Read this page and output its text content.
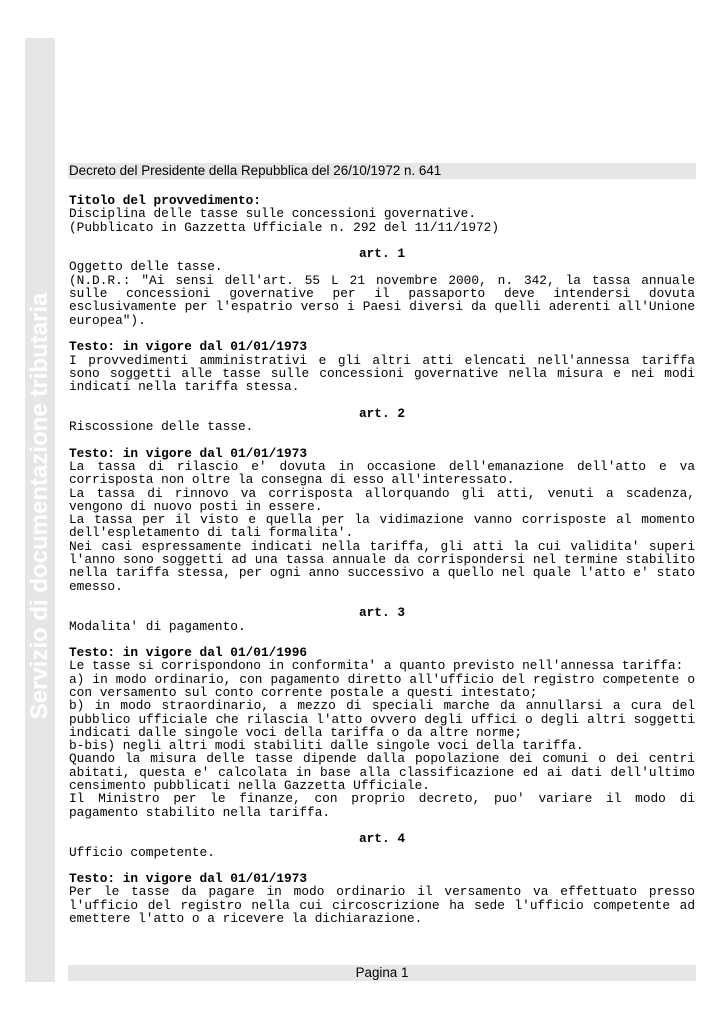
Servizio di documentazione tributaria
Decreto del Presidente della Repubblica del 26/10/1972 n. 641

Titolo del provvedimento:

Disciplina delle tasse sulle concessioni governative.

(Pubblicato in Gazzetta Ufficiale n. 292 del 11/11/1972)

art. 1

Oggetto delle tasse.

(N.D.R.: "Ai sensi dell'art. 55 L 21 novembre 2000, n. 342, la tassa annuale sulle concessioni governative per il passaporto deve intendersi dovuta esclusivamente per l'espatrio verso i Paesi diversi da quelli aderenti all'Unione europea").

Testo: in vigore dal 01/01/1973

I provvedimenti amministrativi e gli altri atti elencati nell'annessa tariffa sono soggetti alle tasse sulle concessioni governative nella misura e nei modi indicati nella tariffa stessa.

art. 2

Riscossione delle tasse.

Testo: in vigore dal 01/01/1973

La tassa di rilascio e' dovuta in occasione dell'emanazione dell'atto e va corrisposta non oltre la consegna di esso all'interessato.

La tassa di rinnovo va corrisposta allorquando gli atti, venuti a scadenza, vengono di nuovo posti in essere.

La tassa per il visto e quella per la vidimazione vanno corrisposte al momento dell'espletamento di tali formalita'.

Nei casi espressamente indicati nella tariffa, gli atti la cui validita' superi l'anno sono soggetti ad una tassa annuale da corrispondersi nel termine stabilito nella tariffa stessa, per ogni anno successivo a quello nel quale l'atto e' stato emesso.

art. 3

Modalita' di pagamento.

Testo: in vigore dal 01/01/1996

Le tasse si corrispondono in conformita' a quanto previsto nell'annessa tariffa:

a) in modo ordinario, con pagamento diretto all'ufficio del registro competente o con versamento sul conto corrente postale a questi intestato;

b) in modo straordinario, a mezzo di speciali marche da annullarsi a cura del pubblico ufficiale che rilascia l'atto ovvero degli uffici o degli altri soggetti indicati dalle singole voci della tariffa o da altre norme;

b-bis) negli altri modi stabiliti dalle singole voci della tariffa.

Quando la misura delle tasse dipende dalla popolazione dei comuni o dei centri abitati, questa e' calcolata in base alla classificazione ed ai dati dell'ultimo censimento pubblicati nella Gazzetta Ufficiale.

Il Ministro per le finanze, con proprio decreto, puo' variare il modo di pagamento stabilito nella tariffa.

art. 4

Ufficio competente.

Testo: in vigore dal 01/01/1973

Per le tasse da pagare in modo ordinario il versamento va effettuato presso l'ufficio del registro nella cui circoscrizione ha sede l'ufficio competente ad emettere l'atto o a ricevere la dichiarazione.

Pagina 1
